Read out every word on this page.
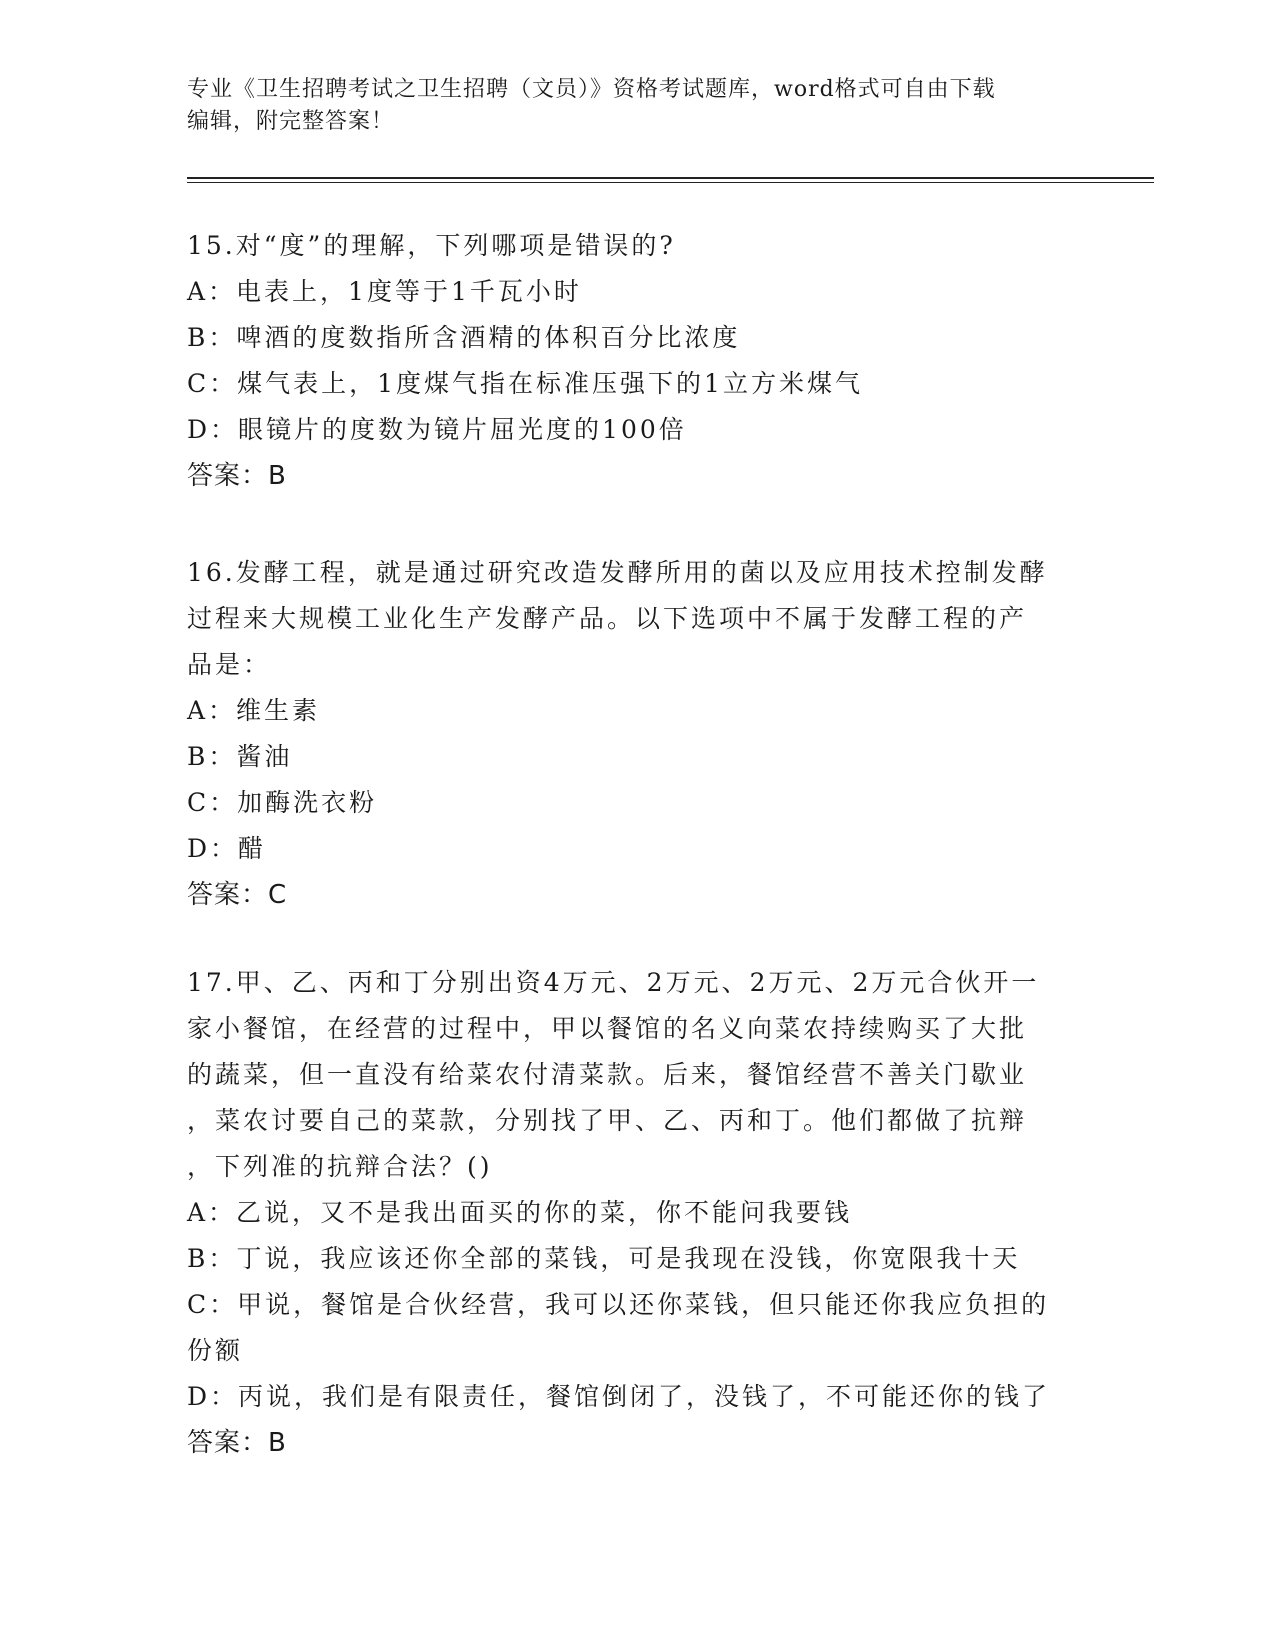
专业《卫生招聘考试之卫生招聘（文员）》资格考试题库，word格式可自由下载
编辑，附完整答案！
15.对“度”的理解，下列哪项是错误的?
A：电表上，1度等于1千瓦小时
B：啤酒的度数指所含酒精的体积百分比浓度
C：煤气表上，1度煤气指在标准压强下的1立方米煤气
D：眼镜片的度数为镜片屈光度的100倍
答案：B
16.发酵工程，就是通过研究改造发酵所用的菌以及应用技术控制发酵
过程来大规模工业化生产发酵产品。以下选项中不属于发酵工程的产
品是：
A：维生素
B：酱油
C：加酶洗衣粉
D：醋
答案：C
17.甲、乙、丙和丁分别出资4万元、2万元、2万元、2万元合伙开一
家小餐馆，在经营的过程中，甲以餐馆的名义向菜农持续购买了大批
的蔬菜，但一直没有给菜农付清菜款。后来，餐馆经营不善关门歇业
，菜农讨要自己的菜款，分别找了甲、乙、丙和丁。他们都做了抗辩
，下列准的抗辩合法？()
A：乙说，又不是我出面买的你的菜，你不能问我要钱
B：丁说，我应该还你全部的菜钱，可是我现在没钱，你宽限我十天
C：甲说，餐馆是合伙经营，我可以还你菜钱，但只能还你我应负担的
份额
D：丙说，我们是有限责任，餐馆倒闭了，没钱了，不可能还你的钱了
答案：B
